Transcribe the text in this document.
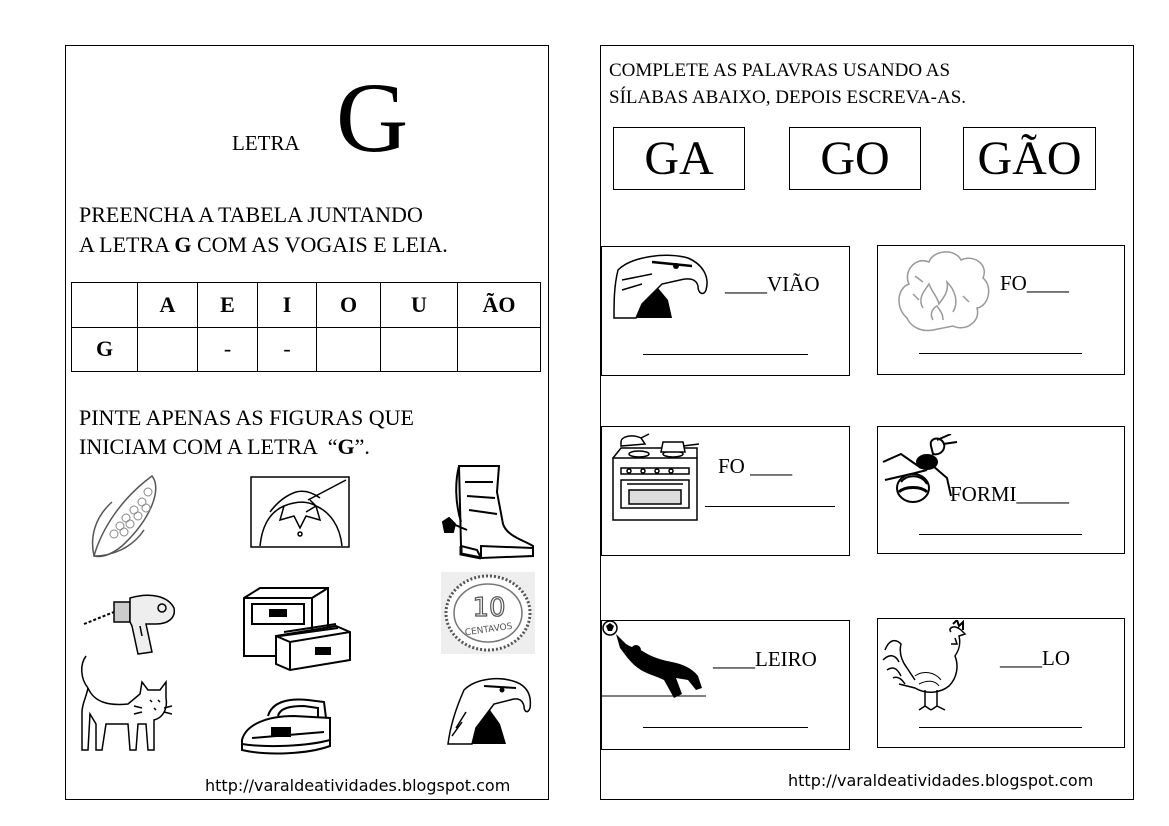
LETRA G
PREENCHA A TABELA JUNTANDO
A LETRA G COM AS VOGAIS E LEIA.
	A	E	I	O	U	ÃO
G		-	-			
PINTE APENAS AS FIGURAS QUE
INICIAM COM A LETRA  “G”.
10
CENTAVOS
http://varaldeatividades.blogspot.com
COMPLETE AS PALAVRAS USANDO AS
SÍLABAS ABAIXO, DEPOIS ESCREVA-AS.
GA	GO	GÃO
____VIÃO	FO____
FO ____
FORMI_____
____LEIRO	____LO
http://varaldeatividades.blogspot.com
